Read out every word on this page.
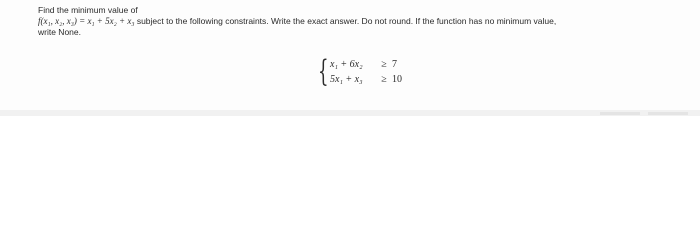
Find the minimum value of
f(x₁, x₂, x₃) = x₁ + 5x₂ + x₃ subject to the following constraints. Write the exact answer. Do not round. If the function has no minimum value,
write None.
{ x₁ + 6x₂	≥ 7
5x₁ + x₃	≥ 10
